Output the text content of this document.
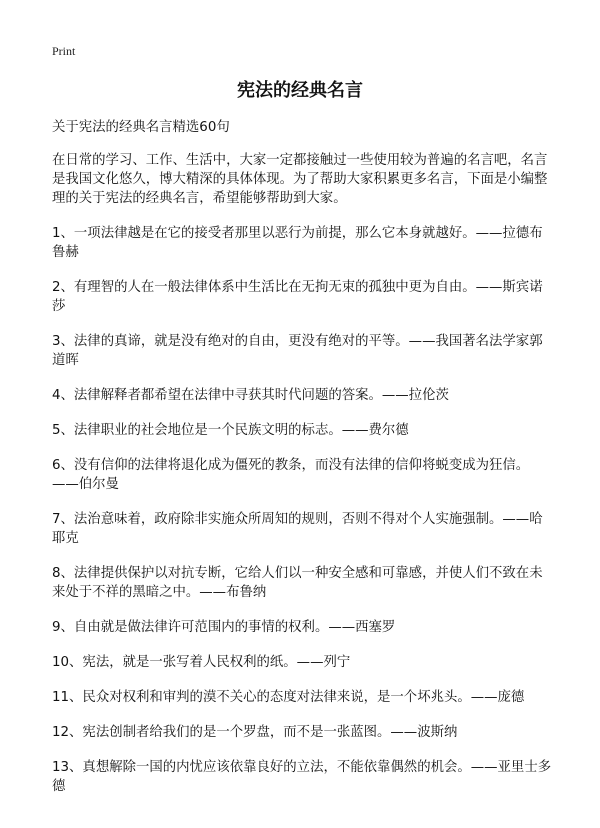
Print
宪法的经典名言

关于宪法的经典名言精选60句

在日常的学习、工作、生活中，大家一定都接触过一些使用较为普遍的名言吧，名言是我国文化悠久，博大精深的具体体现。为了帮助大家积累更多名言，下面是小编整理的关于宪法的经典名言，希望能够帮助到大家。

1、一项法律越是在它的接受者那里以恶行为前提，那么它本身就越好。——拉德布鲁赫

2、有理智的人在一般法律体系中生活比在无拘无束的孤独中更为自由。——斯宾诺莎

3、法律的真谛，就是没有绝对的自由，更没有绝对的平等。——我国著名法学家郭道晖

4、法律解释者都希望在法律中寻获其时代问题的答案。——拉伦茨

5、法律职业的社会地位是一个民族文明的标志。——费尔德

6、没有信仰的法律将退化成为僵死的教条，而没有法律的信仰将蜕变成为狂信。——伯尔曼

7、法治意味着，政府除非实施众所周知的规则，否则不得对个人实施强制。——哈耶克

8、法律提供保护以对抗专断，它给人们以一种安全感和可靠感，并使人们不致在未来处于不祥的黑暗之中。——布鲁纳

9、自由就是做法律许可范围内的事情的权利。——西塞罗

10、宪法，就是一张写着人民权利的纸。——列宁

11、民众对权利和审判的漠不关心的态度对法律来说，是一个坏兆头。——庞德

12、宪法创制者给我们的是一个罗盘，而不是一张蓝图。——波斯纳

13、真想解除一国的内忧应该依靠良好的立法，不能依靠偶然的机会。——亚里士多德
